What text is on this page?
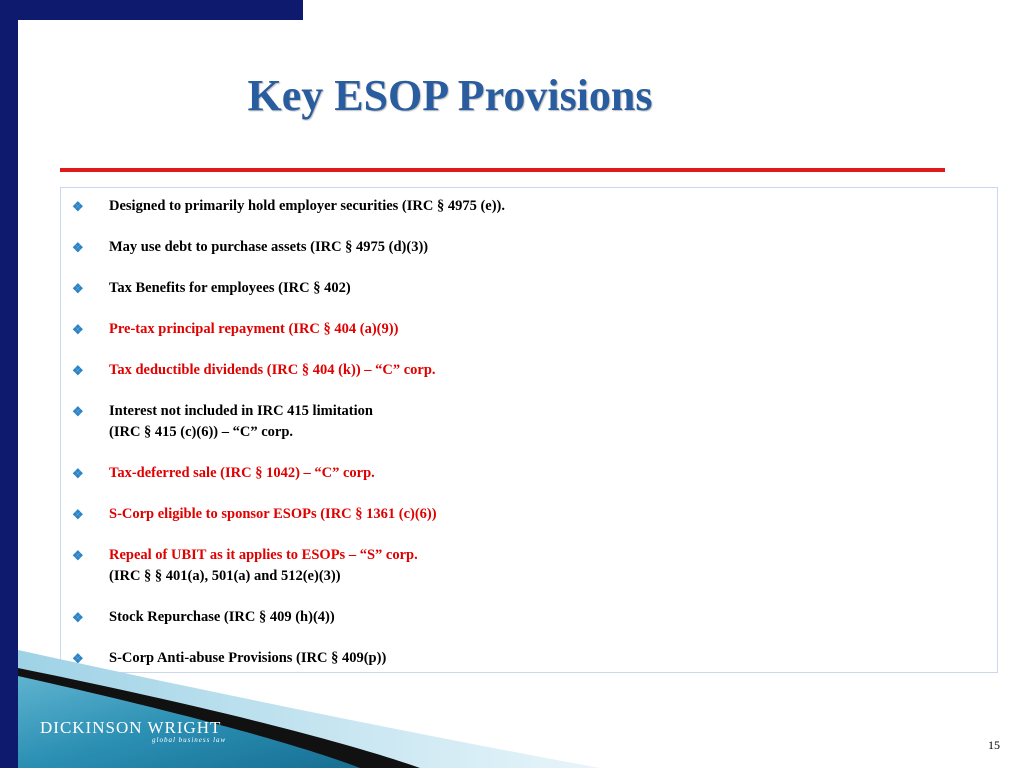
Key ESOP Provisions
❖ Designed to primarily hold employer securities (IRC § 4975 (e)).
❖ May use debt to purchase assets (IRC § 4975 (d)(3))
❖ Tax Benefits for employees (IRC § 402)
❖ Pre-tax principal repayment (IRC § 404 (a)(9))
❖ Tax deductible dividends (IRC § 404 (k)) – “C” corp.
❖ Interest not included in IRC 415 limitation
(IRC § 415 (c)(6)) – “C” corp.
❖ Tax-deferred sale (IRC § 1042) – “C” corp.
❖ S-Corp eligible to sponsor ESOPs (IRC § 1361 (c)(6))
❖ Repeal of UBIT as it applies to ESOPs – “S” corp.
(IRC § § 401(a), 501(a) and 512(e)(3))
❖ Stock Repurchase (IRC § 409 (h)(4))
❖ S-Corp Anti-abuse Provisions (IRC § 409(p))
DICKINSON WRIGHT
global business law	15
